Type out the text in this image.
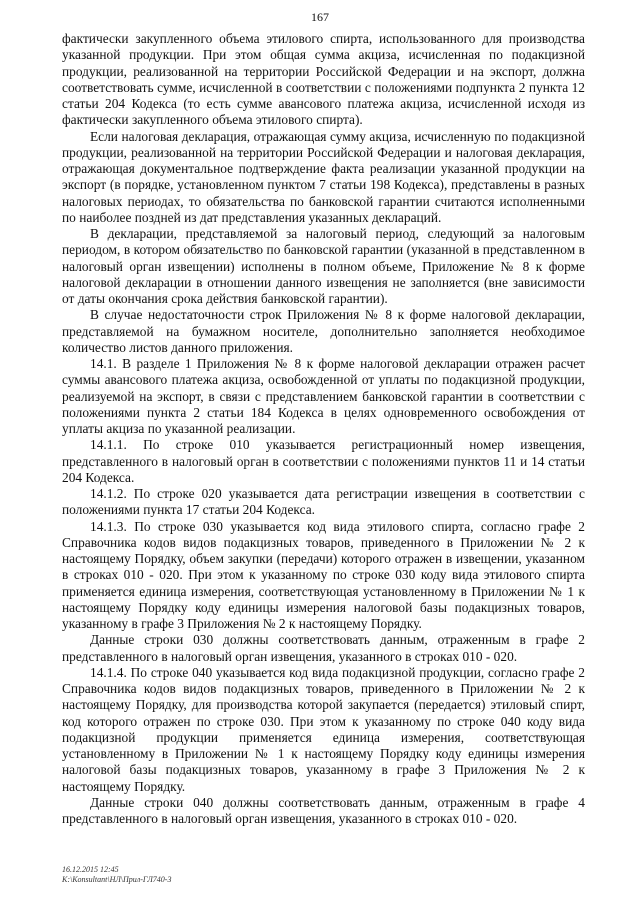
167

фактически закупленного объема этилового спирта, использованного для производства указанной продукции. При этом общая сумма акциза, исчисленная по подакцизной продукции, реализованной на территории Российской Федерации и на экспорт, должна соответствовать сумме, исчисленной в соответствии с положениями подпункта 2 пункта 12 статьи 204 Кодекса (то есть сумме авансового платежа акциза, исчисленной исходя из фактически закупленного объема этилового спирта).

Если налоговая декларация, отражающая сумму акциза, исчисленную по подакцизной продукции, реализованной на территории Российской Федерации и налоговая декларация, отражающая документальное подтверждение факта реализации указанной продукции на экспорт (в порядке, установленном пунктом 7 статьи 198 Кодекса), представлены в разных налоговых периодах, то обязательства по банковской гарантии считаются исполненными по наиболее поздней из дат представления указанных деклараций.

В декларации, представляемой за налоговый период, следующий за налоговым периодом, в котором обязательство по банковской гарантии (указанной в представленном в налоговый орган извещении) исполнены в полном объеме, Приложение № 8 к форме налоговой декларации в отношении данного извещения не заполняется (вне зависимости от даты окончания срока действия банковской гарантии).

В случае недостаточности строк Приложения № 8 к форме налоговой декларации, представляемой на бумажном носителе, дополнительно заполняется необходимое количество листов данного приложения.

14.1. В разделе 1 Приложения № 8 к форме налоговой декларации отражен расчет суммы авансового платежа акциза, освобожденной от уплаты по подакцизной продукции, реализуемой на экспорт, в связи с представлением банковской гарантии в соответствии с положениями пункта 2 статьи 184 Кодекса в целях одновременного освобождения от уплаты акциза по указанной реализации.

14.1.1. По строке 010 указывается регистрационный номер извещения, представленного в налоговый орган в соответствии с положениями пунктов 11 и 14 статьи 204 Кодекса.

14.1.2. По строке 020 указывается дата регистрации извещения в соответствии с положениями пункта 17 статьи 204 Кодекса.

14.1.3. По строке 030 указывается код вида этилового спирта, согласно графе 2 Справочника кодов видов подакцизных товаров, приведенного в Приложении № 2 к настоящему Порядку, объем закупки (передачи) которого отражен в извещении, указанном в строках 010 - 020. При этом к указанному по строке 030 коду вида этилового спирта применяется единица измерения, соответствующая установленному в Приложении № 1 к настоящему Порядку коду единицы измерения налоговой базы подакцизных товаров, указанному в графе 3 Приложения № 2 к настоящему Порядку.

Данные строки 030 должны соответствовать данным, отраженным в графе 2 представленного в налоговый орган извещения, указанного в строках 010 - 020.

14.1.4. По строке 040 указывается код вида подакцизной продукции, согласно графе 2 Справочника кодов видов подакцизных товаров, приведенного в Приложении № 2 к настоящему Порядку, для производства которой закупается (передается) этиловый спирт, код которого отражен по строке 030. При этом к указанному по строке 040 коду вида подакцизной продукции применяется единица измерения, соответствующая установленному в Приложении № 1 к настоящему Порядку коду единицы измерения налоговой базы подакцизных товаров, указанному в графе 3 Приложения № 2 к настоящему Порядку.

Данные строки 040 должны соответствовать данным, отраженным в графе 4 представленного в налоговый орган извещения, указанного в строках 010 - 020.

16.12.2015 12:45
K:\Konsultant\НЛ\Прил-ГЛ740-3
